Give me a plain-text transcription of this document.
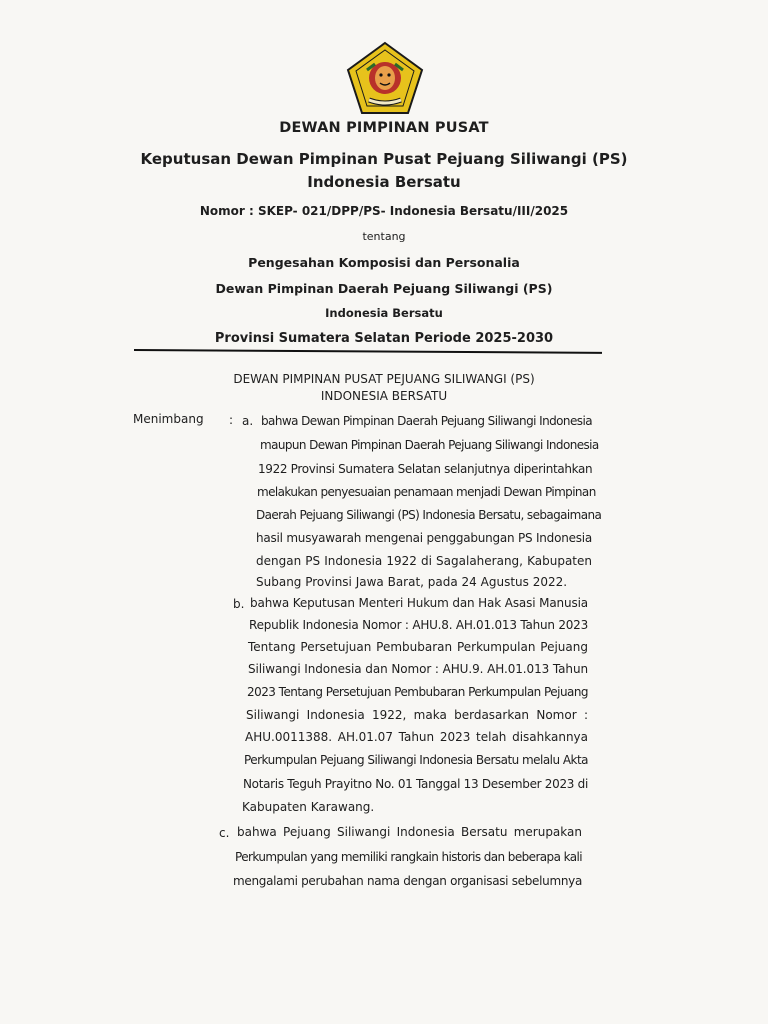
DEWAN PIMPINAN PUSAT
Keputusan Dewan Pimpinan Pusat Pejuang Siliwangi (PS)
Indonesia Bersatu
Nomor : SKEP- 021/DPP/PS- Indonesia Bersatu/III/2025
tentang
Pengesahan Komposisi dan Personalia
Dewan Pimpinan Daerah Pejuang Siliwangi (PS)
Indonesia Bersatu
Provinsi Sumatera Selatan Periode 2025-2030
DEWAN PIMPINAN PUSAT PEJUANG SILIWANGI (PS)
INDONESIA BERSATU
Menimbang : a. bahwa Dewan Pimpinan Daerah Pejuang Siliwangi Indonesia
maupun Dewan Pimpinan Daerah Pejuang Siliwangi Indonesia
1922 Provinsi Sumatera Selatan selanjutnya diperintahkan
melakukan penyesuaian penamaan menjadi Dewan Pimpinan
Daerah Pejuang Siliwangi (PS) Indonesia Bersatu, sebagaimana
hasil musyawarah mengenai penggabungan PS Indonesia
dengan PS Indonesia 1922 di Sagalaherang, Kabupaten
Subang Provinsi Jawa Barat, pada 24 Agustus 2022.
b. bahwa Keputusan Menteri Hukum dan Hak Asasi Manusia
Republik Indonesia Nomor : AHU.8. AH.01.013 Tahun 2023
Tentang Persetujuan Pembubaran Perkumpulan Pejuang
Siliwangi Indonesia dan Nomor : AHU.9. AH.01.013 Tahun
2023 Tentang Persetujuan Pembubaran Perkumpulan Pejuang
Siliwangi Indonesia 1922, maka berdasarkan Nomor :
AHU.0011388. AH.01.07 Tahun 2023 telah disahkannya
Perkumpulan Pejuang Siliwangi Indonesia Bersatu melalu Akta
Notaris Teguh Prayitno No. 01 Tanggal 13 Desember 2023 di
Kabupaten Karawang.
c. bahwa Pejuang Siliwangi Indonesia Bersatu merupakan
Perkumpulan yang memiliki rangkain historis dan beberapa kali
mengalami perubahan nama dengan organisasi sebelumnya
